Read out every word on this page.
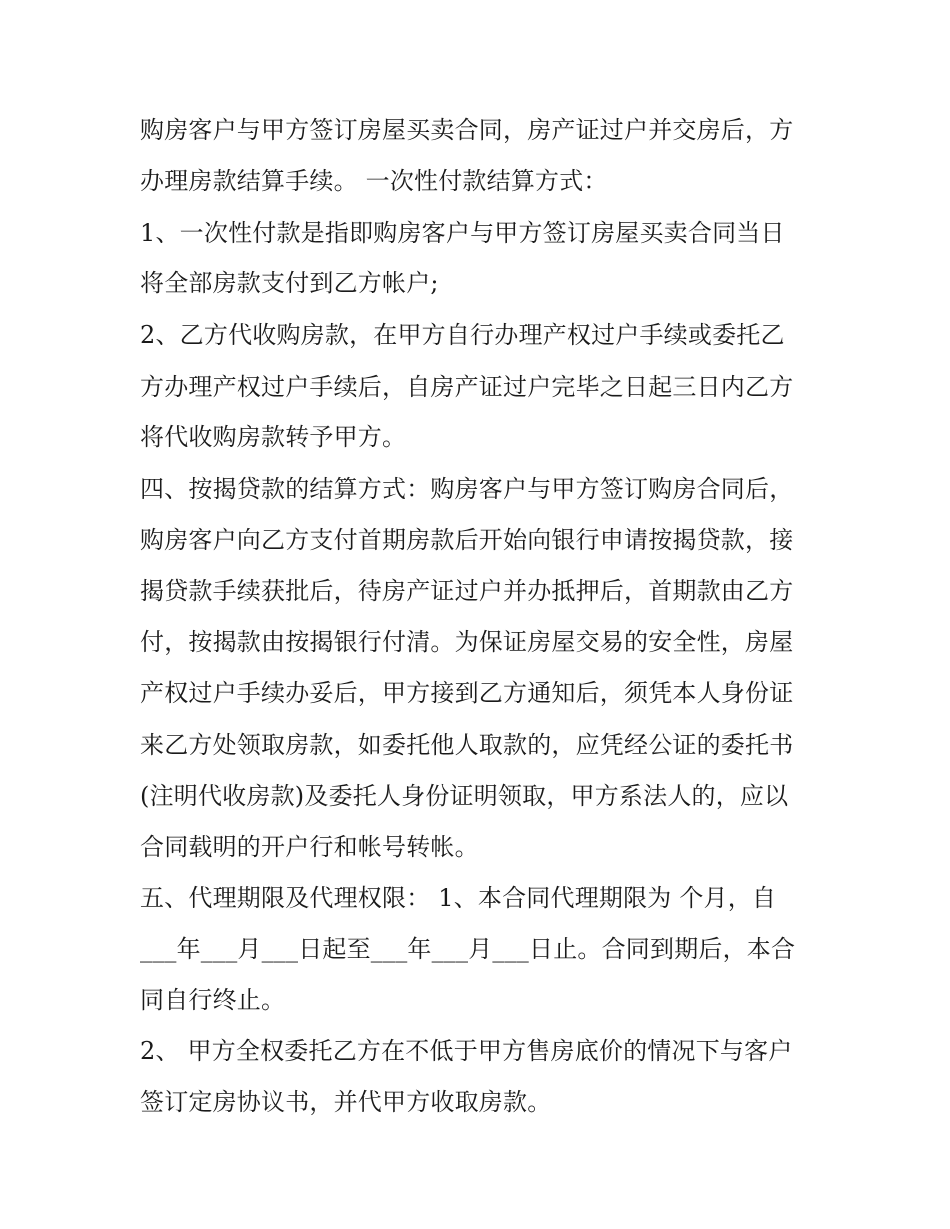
购房客户与甲方签订房屋买卖合同，房产证过户并交房后，方
办理房款结算手续。 一次性付款结算方式：
1、一次性付款是指即购房客户与甲方签订房屋买卖合同当日
将全部房款支付到乙方帐户;
2、乙方代收购房款，在甲方自行办理产权过户手续或委托乙
方办理产权过户手续后，自房产证过户完毕之日起三日内乙方
将代收购房款转予甲方。
四、按揭贷款的结算方式：购房客户与甲方签订购房合同后，
购房客户向乙方支付首期房款后开始向银行申请按揭贷款，接
揭贷款手续获批后，待房产证过户并办抵押后，首期款由乙方
付，按揭款由按揭银行付清。为保证房屋交易的安全性，房屋
产权过户手续办妥后，甲方接到乙方通知后，须凭本人身份证
来乙方处领取房款，如委托他人取款的，应凭经公证的委托书
(注明代收房款)及委托人身份证明领取，甲方系法人的，应以
合同载明的开户行和帐号转帐。
五、代理期限及代理权限： 1、本合同代理期限为 个月，自
___年___月___日起至___年___月___日止。合同到期后，本合
同自行终止。
2、 甲方全权委托乙方在不低于甲方售房底价的情况下与客户
签订定房协议书，并代甲方收取房款。
